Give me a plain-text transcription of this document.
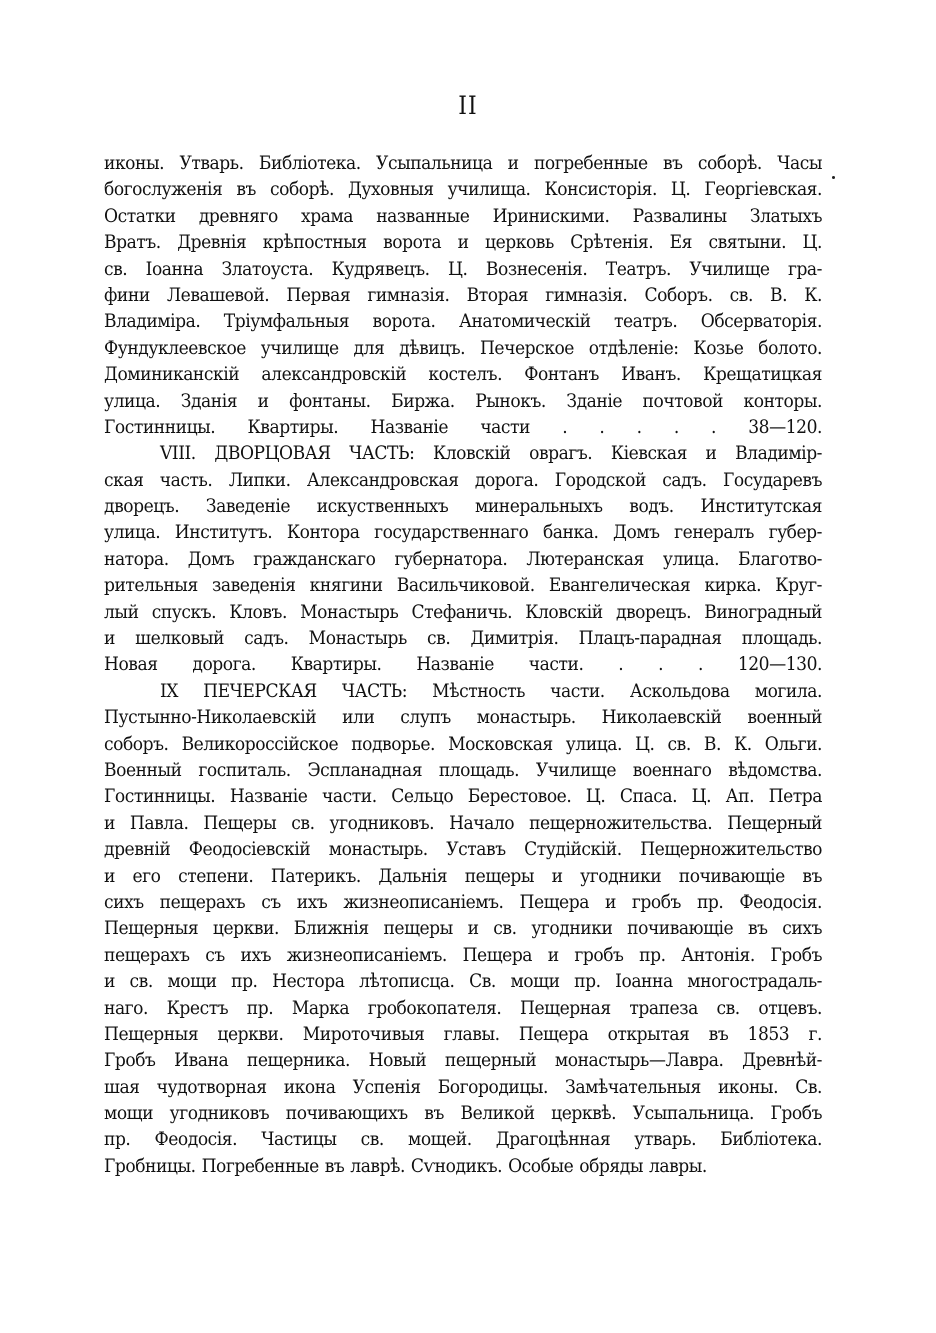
II
иконы. Утварь. Библіотека. Усыпальница и погребенные въ соборѣ. Часы
богослуженія въ соборѣ. Духовныя училища. Консисторія. Ц. Георгіевская.
Остатки древняго храма названные Иринискими. Развалины Златыхъ
Вратъ. Древнія крѣпостныя ворота и церковь Срѣтенія. Ея святыни. Ц.
св. Іоанна Златоуста. Кудрявецъ. Ц. Вознесенія. Театръ. Училище гра-
фини Левашевой. Первая гимназія. Вторая гимназія. Соборъ. св. В. К.
Владиміра. Тріумфальныя ворота. Анатомическій театръ. Обсерваторія.
Фундуклеевское училище для дѣвицъ. Печерское отдѣленіе: Козье болото.
Доминиканскій александровскій костелъ. Фонтанъ Иванъ. Крещатицкая
улица. Зданія и фонтаны. Биржа. Рынокъ. Зданіе почтовой конторы.
Гостинницы. Квартиры. Названіе части . . . . . 38—120.
VIII. ДВОРЦОВАЯ ЧАСТЬ: Кловскій оврагъ. Кіевская и Владимір-
ская часть. Липки. Александровская дорога. Городской садъ. Государевъ
дворецъ. Заведеніе искуственныхъ минеральныхъ водъ. Институтская
улица. Институтъ. Контора государственнаго банка. Домъ генералъ губер-
натора. Домъ гражданскаго губернатора. Лютеранская улица. Благотво-
рительныя заведенія княгини Васильчиковой. Евангелическая кирка. Круг-
лый спускъ. Кловъ. Монастырь Стефаничь. Кловскій дворецъ. Виноградный
и шелковый садъ. Монастырь св. Димитрія. Плацъ-парадная площадь.
Новая дорога. Квартиры. Названіе части. . . . 120—130.
IX ПЕЧЕРСКАЯ ЧАСТЬ: Мѣстность части. Аскольдова могила.
Пустынно-Николаевскій или слупъ монастырь. Николаевскій военный
соборъ. Великороссійское подворье. Московская улица. Ц. св. В. К. Ольги.
Военный госпиталь. Эспланадная площадь. Училище военнаго вѣдомства.
Гостинницы. Названіе части. Сельцо Берестовое. Ц. Спаса. Ц. Ап. Петра
и Павла. Пещеры св. угодниковъ. Начало пещерножительства. Пещерный
древній Феодосіевскій монастырь. Уставъ Студійскій. Пещерножительство
и его степени. Патерикъ. Дальнія пещеры и угодники почивающіе въ
сихъ пещерахъ съ ихъ жизнеописаніемъ. Пещера и гробъ пр. Феодосія.
Пещерныя церкви. Ближнія пещеры и св. угодники почивающіе въ сихъ
пещерахъ съ ихъ жизнеописаніемъ. Пещера и гробъ пр. Антонія. Гробъ
и св. мощи пр. Нестора лѣтописца. Св. мощи пр. Іоанна многострадаль-
наго. Крестъ пр. Марка гробокопателя. Пещерная трапеза св. отцевъ.
Пещерныя церкви. Мироточивыя главы. Пещера открытая въ 1853 г.
Гробъ Ивана пещерника. Новый пещерный монастырь—Лавра. Древнѣй-
шая чудотворная икона Успенія Богородицы. Замѣчательныя иконы. Св.
мощи угодниковъ почивающихъ въ Великой церквѣ. Усыпальница. Гробъ
пр. Феодосія. Частицы св. мощей. Драгоцѣнная утварь. Библіотека.
Гробницы. Погребенные въ лаврѣ. Сѵнодикъ. Особые обряды лавры.
